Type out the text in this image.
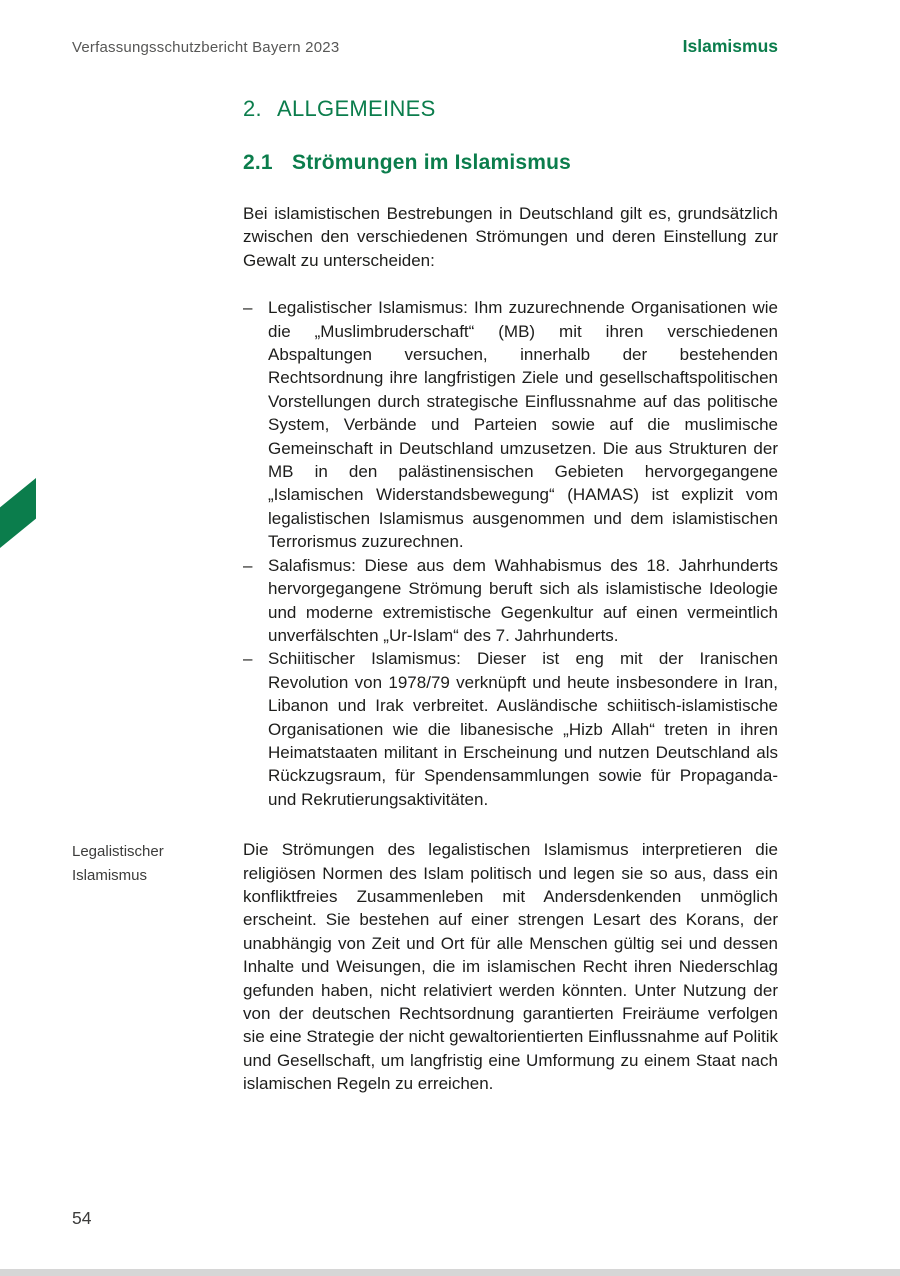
Verfassungsschutzbericht Bayern 2023	Islamismus
2. ALLGEMEINES
2.1 Strömungen im Islamismus

Bei islamistischen Bestrebungen in Deutschland gilt es, grundsätzlich zwischen den verschiedenen Strömungen und deren Einstellung zur Gewalt zu unterscheiden:

– Legalistischer Islamismus: Ihm zuzurechnende Organisationen wie die „Muslimbruderschaft“ (MB) mit ihren verschiedenen Abspaltungen versuchen, innerhalb der bestehenden Rechtsordnung ihre langfristigen Ziele und gesellschaftspolitischen Vorstellungen durch strategische Einflussnahme auf das politische System, Verbände und Parteien sowie auf die muslimische Gemeinschaft in Deutschland umzusetzen. Die aus Strukturen der MB in den palästinensischen Gebieten hervorgegangene „Islamischen Widerstandsbewegung“ (HAMAS) ist explizit vom legalistischen Islamismus ausgenommen und dem islamistischen Terrorismus zuzurechnen.
– Salafismus: Diese aus dem Wahhabismus des 18. Jahrhunderts hervorgegangene Strömung beruft sich als islamistische Ideologie und moderne extremistische Gegenkultur auf einen vermeintlich unverfälschten „Ur-Islam“ des 7. Jahrhunderts.
– Schiitischer Islamismus: Dieser ist eng mit der Iranischen Revolution von 1978/79 verknüpft und heute insbesondere in Iran, Libanon und Irak verbreitet. Ausländische schiitisch-islamistische Organisationen wie die libanesische „Hizb Allah“ treten in ihren Heimatstaaten militant in Erscheinung und nutzen Deutschland als Rückzugsraum, für Spendensammlungen sowie für Propaganda- und Rekrutierungsaktivitäten.
Legalistischer Islamismus

Die Strömungen des legalistischen Islamismus interpretieren die religiösen Normen des Islam politisch und legen sie so aus, dass ein konfliktfreies Zusammenleben mit Andersdenkenden unmöglich erscheint. Sie bestehen auf einer strengen Lesart des Korans, der unabhängig von Zeit und Ort für alle Menschen gültig sei und dessen Inhalte und Weisungen, die im islamischen Recht ihren Niederschlag gefunden haben, nicht relativiert werden könnten. Unter Nutzung der von der deutschen Rechtsordnung garantierten Freiräume verfolgen sie eine Strategie der nicht gewaltorientierten Einflussnahme auf Politik und Gesellschaft, um langfristig eine Umformung zu einem Staat nach islamischen Regeln zu erreichen.

54
